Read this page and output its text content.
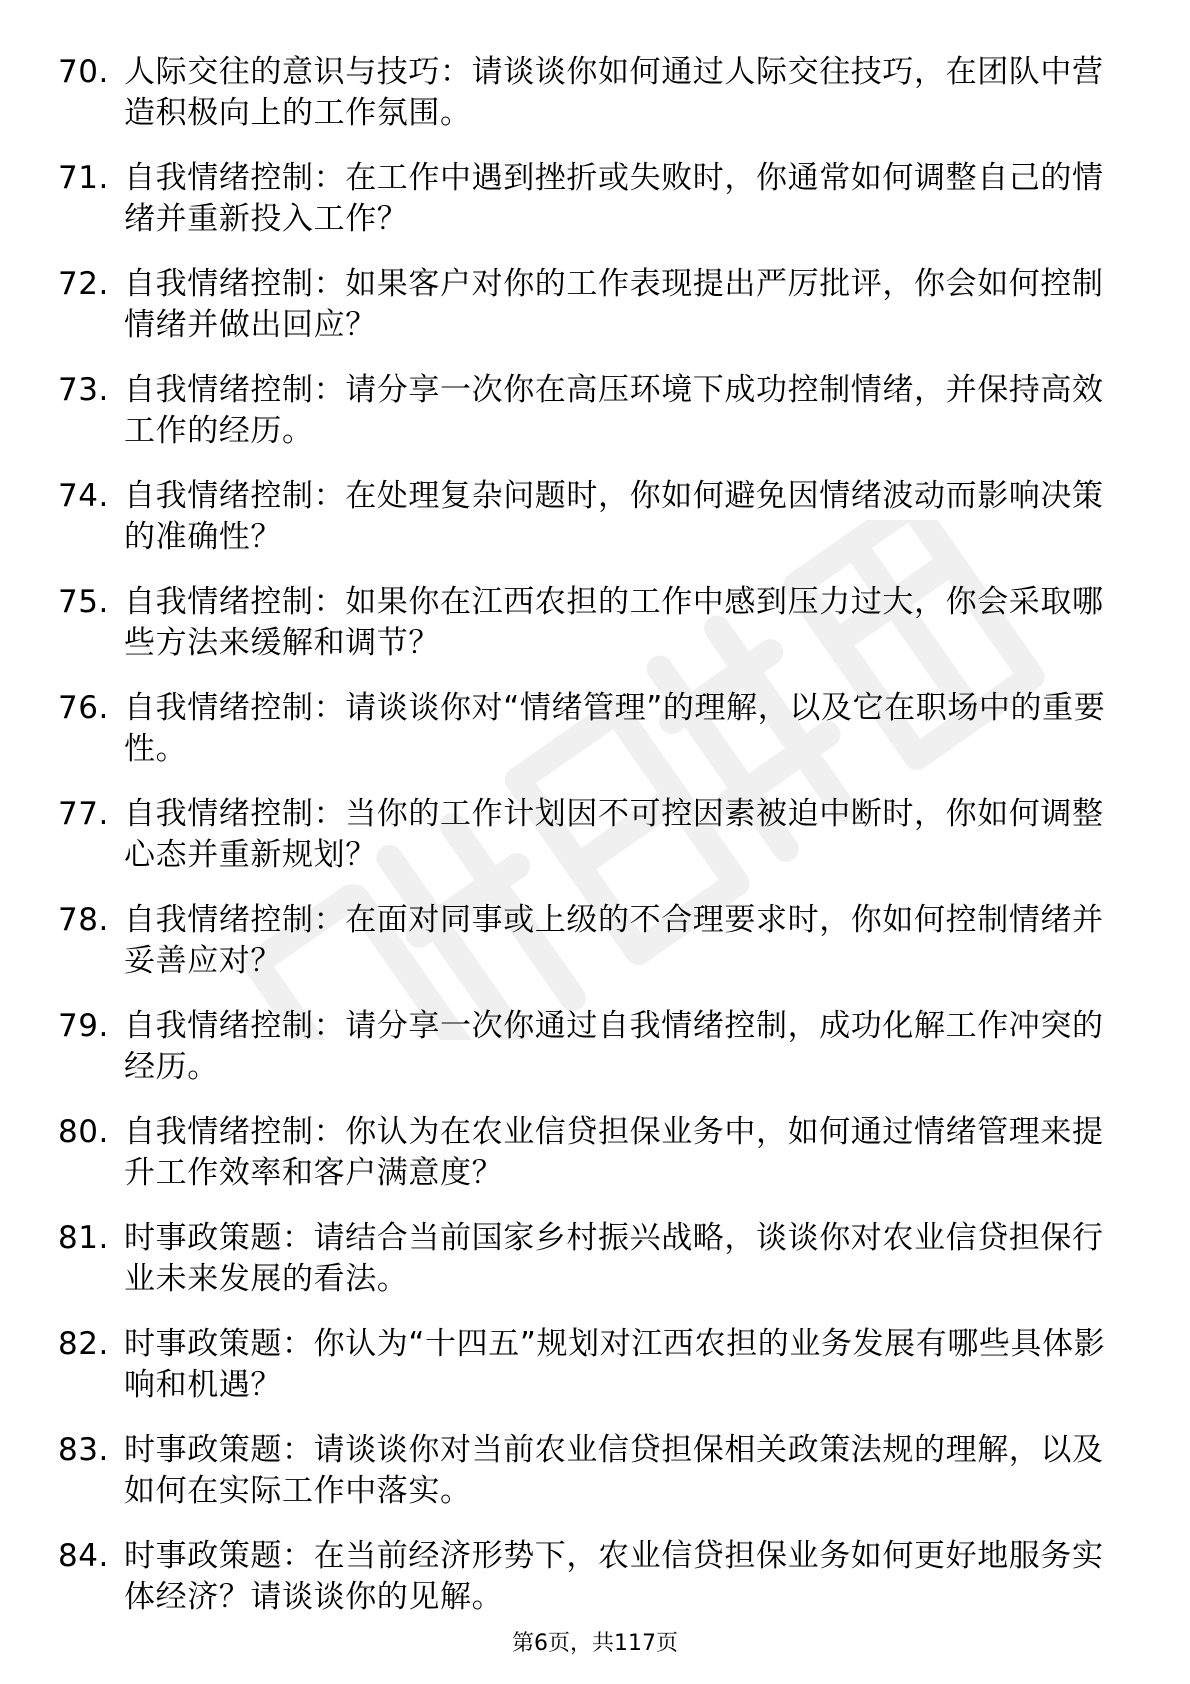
70. 人际交往的意识与技巧：请谈谈你如何通过人际交往技巧，在团队中营造积极向上的工作氛围。
71. 自我情绪控制：在工作中遇到挫折或失败时，你通常如何调整自己的情绪并重新投入工作？
72. 自我情绪控制：如果客户对你的工作表现提出严厉批评，你会如何控制情绪并做出回应？
73. 自我情绪控制：请分享一次你在高压环境下成功控制情绪，并保持高效工作的经历。
74. 自我情绪控制：在处理复杂问题时，你如何避免因情绪波动而影响决策的准确性？
75. 自我情绪控制：如果你在江西农担的工作中感到压力过大，你会采取哪些方法来缓解和调节？
76. 自我情绪控制：请谈谈你对“情绪管理”的理解，以及它在职场中的重要性。
77. 自我情绪控制：当你的工作计划因不可控因素被迫中断时，你如何调整心态并重新规划？
78. 自我情绪控制：在面对同事或上级的不合理要求时，你如何控制情绪并妥善应对？
79. 自我情绪控制：请分享一次你通过自我情绪控制，成功化解工作冲突的经历。
80. 自我情绪控制：你认为在农业信贷担保业务中，如何通过情绪管理来提升工作效率和客户满意度？
81. 时事政策题：请结合当前国家乡村振兴战略，谈谈你对农业信贷担保行业未来发展的看法。
82. 时事政策题：你认为“十四五”规划对江西农担的业务发展有哪些具体影响和机遇？
83. 时事政策题：请谈谈你对当前农业信贷担保相关政策法规的理解，以及如何在实际工作中落实。
84. 时事政策题：在当前经济形势下，农业信贷担保业务如何更好地服务实体经济？请谈谈你的见解。
第6页，共117页
